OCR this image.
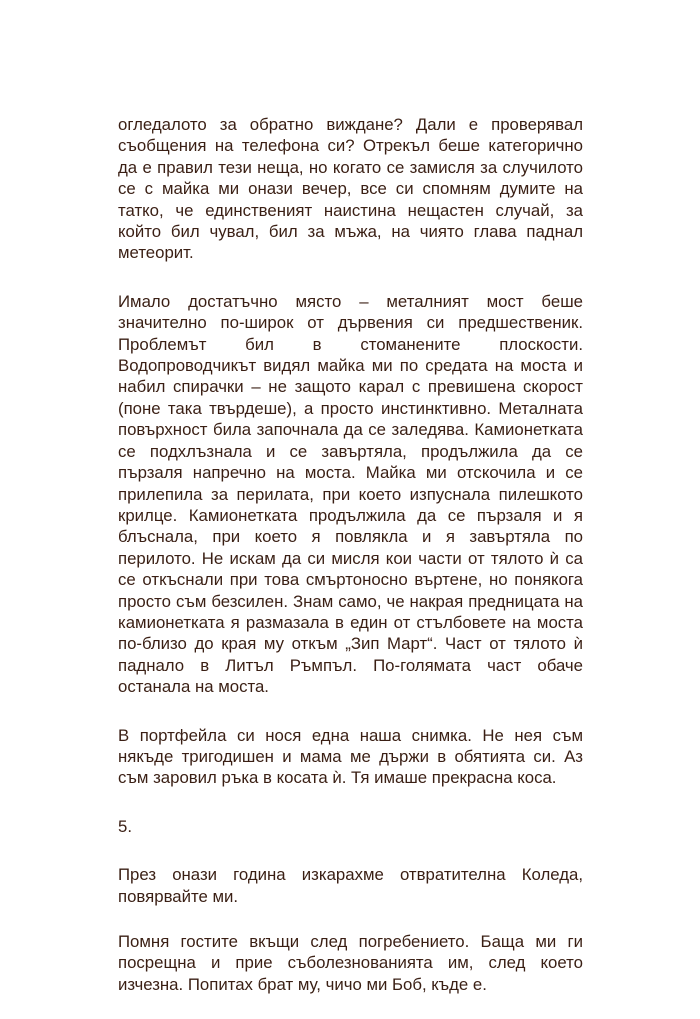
огледалото за обратно виждане? Дали е проверявал съобщения на телефона си? Отрекъл беше категорично да е правил тези неща, но когато се замисля за случилото се с майка ми онази вечер, все си спомням думите на татко, че единственият наистина нещастен случай, за който бил чувал, бил за мъжа, на чиято глава паднал метеорит.

Имало достатъчно място – металният мост беше значително по-широк от дървения си предшественик. Проблемът бил в стоманените плоскости. Водопроводчикът видял майка ми по средата на моста и набил спирачки – не защото карал с превишена скорост (поне така твърдеше), а просто инстинктивно. Металната повърхност била започнала да се заледява. Камионетката се подхлъзнала и се завъртяла, продължила да се пързаля напречно на моста. Майка ми отскочила и се прилепила за перилата, при което изпуснала пилешкото крилце. Камионетката продължила да се пързаля и я блъснала, при което я повлякла и я завъртяла по перилото. Не искам да си мисля кои части от тялото ѝ са се откъснали при това смъртоносно въртене, но понякога просто съм безсилен. Знам само, че накрая предницата на камионетката я размазала в един от стълбовете на моста по-близо до края му откъм „Зип Март“. Част от тялото ѝ паднало в Литъл Ръмпъл. По-голямата част обаче останала на моста.

В портфейла си нося една наша снимка. Не нея съм някъде тригодишен и мама ме държи в обятията си. Аз съм заровил ръка в косата ѝ. Тя имаше прекрасна коса.

5.

През онази година изкарахме отвратителна Коледа, повярвайте ми.

Помня гостите вкъщи след погребението. Баща ми ги посрещна и прие съболезнованията им, след което изчезна. Попитах брат му, чичо ми Боб, къде е.
